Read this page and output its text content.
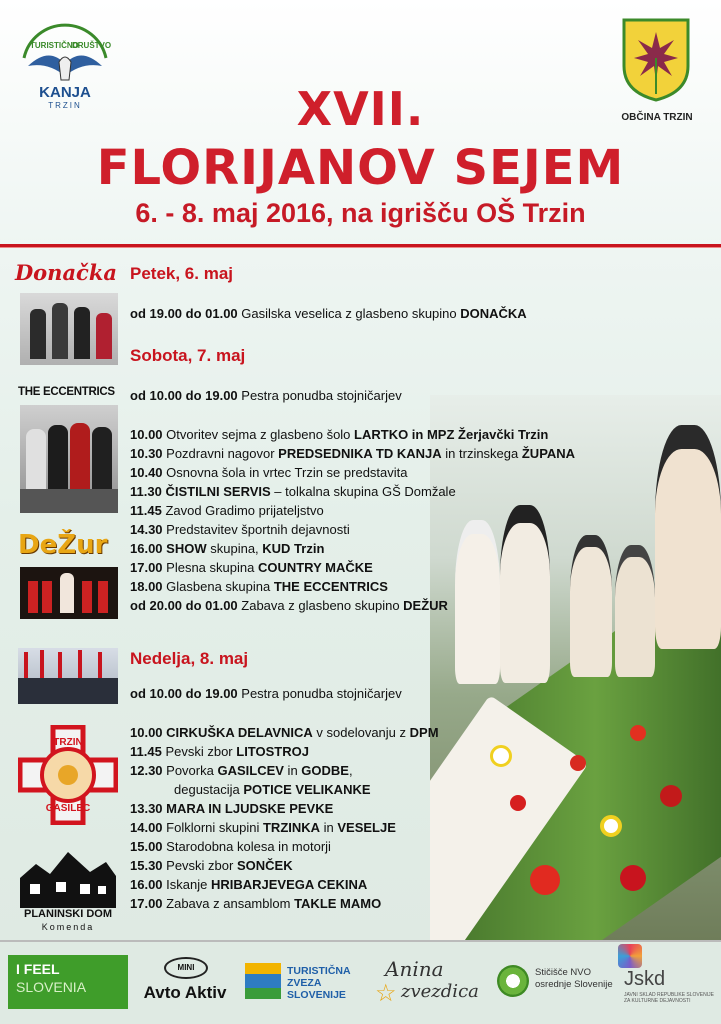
TURISTIČNO
DRUŠTVO
KANJA
TRZIN
OBČINA TRZIN
XVII.
FLORIJANOV SEJEM
6. - 8. maj 2016, na igrišču OŠ Trzin
Donačka
THE ECCENTRICS
DeŽur
TRZIN
GASILEC
PLANINSKI DOM
Komenda
Petek, 6. maj
Sobota, 7. maj
Nedelja, 8. maj
od 19.00 do 01.00 Gasilska veselica z glasbeno skupino DONAČKA
od 10.00 do 19.00 Pestra ponudba stojničarjev
10.00 Otvoritev sejma z glasbeno šolo LARTKO in MPZ Žerjavčki Trzin
10.30 Pozdravni nagovor PREDSEDNIKA TD KANJA in trzinskega ŽUPANA
10.40 Osnovna šola in vrtec Trzin se predstavita
11.30 ČISTILNI SERVIS – tolkalna skupina GŠ Domžale
11.45 Zavod Gradimo prijateljstvo
14.30 Predstavitev športnih dejavnosti
16.00 SHOW skupina, KUD Trzin
17.00 Plesna skupina COUNTRY MAČKE
18.00 Glasbena skupina THE ECCENTRICS
od 20.00 do 01.00 Zabava z glasbeno skupino DEŽUR
od 10.00 do 19.00 Pestra ponudba stojničarjev
10.00 CIRKUŠKA DELAVNICA v sodelovanju z DPM
11.45 Pevski zbor LITOSTROJ
12.30 Povorka GASILCEV in GODBE,
degustacija POTICE VELIKANKE
13.30 MARA IN LJUDSKE PEVKE
14.00 Folklorni skupini TRZINKA in VESELJE
15.00 Starodobna kolesa in motorji
15.30 Pevski zbor SONČEK
16.00 Iskanje HRIBARJEVEGA CEKINA
17.00 Zabava z ansamblom TAKLE MAMO
I FEEL
SLOVENIA
MINI
Avto Aktiv
TURISTIČNA ZVEZA SLOVENIJE
Anina
☆ zvezdica
Stičišče NVO osrednje Slovenije Jskd
JAVNI SKLAD REPUBLIKE SLOVENIJE ZA KULTURNE DEJAVNOSTI
